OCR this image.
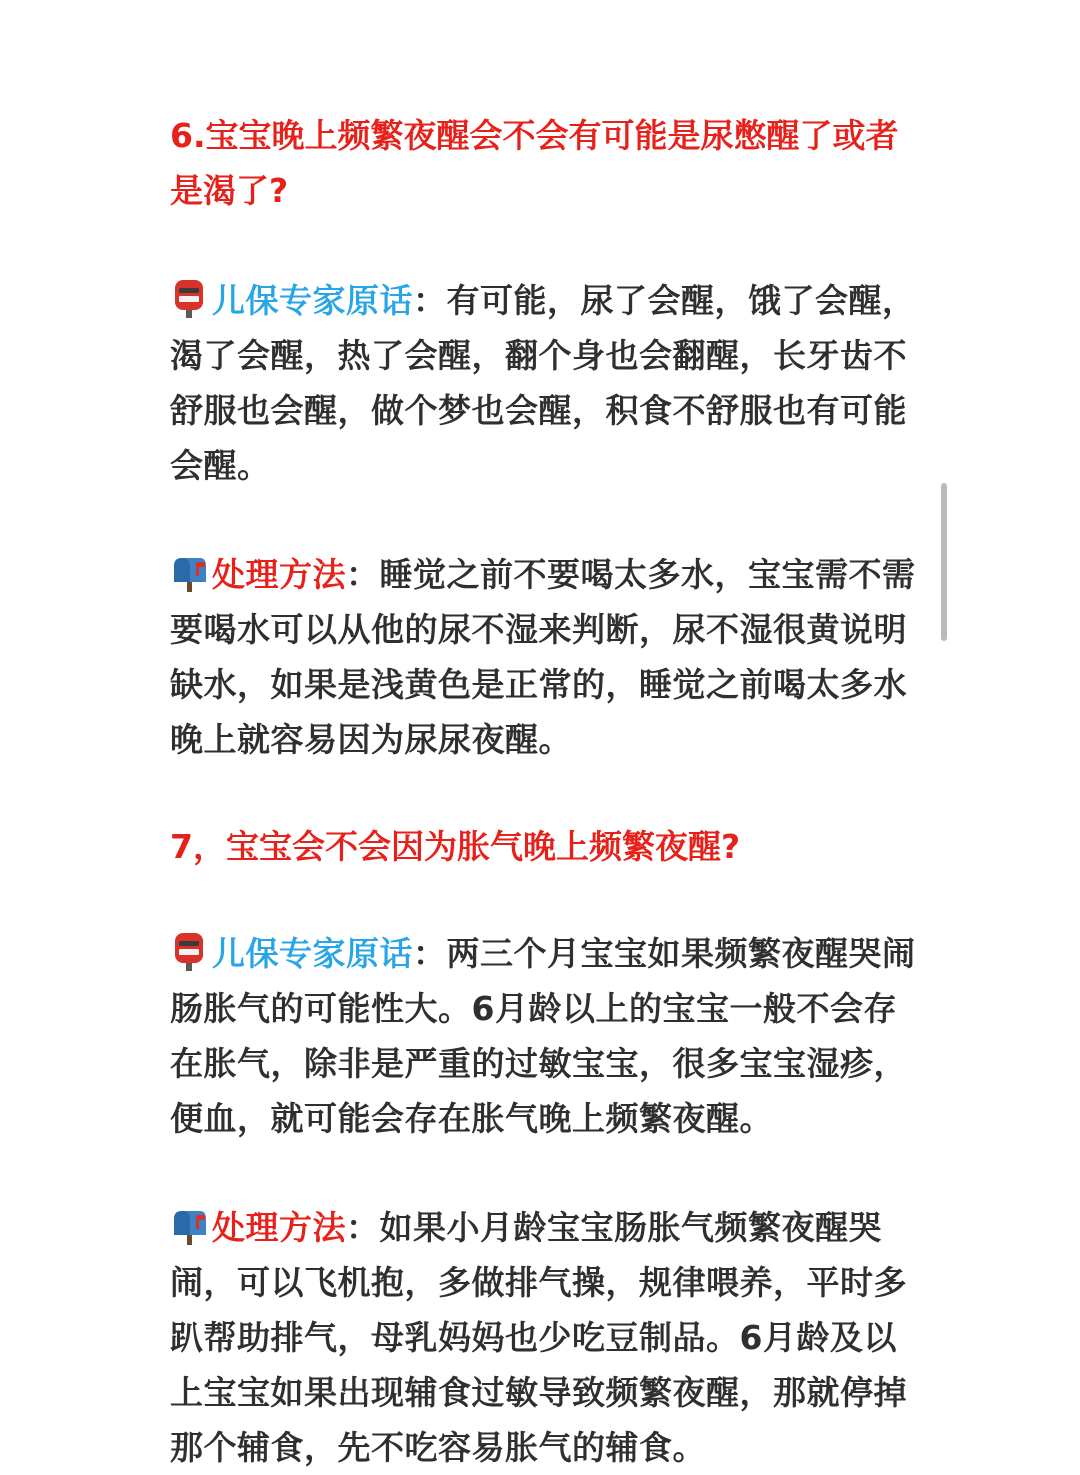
6.宝宝晚上频繁夜醒会不会有可能是尿憋醒了或者是渴了?

儿保专家原话：有可能，尿了会醒，饿了会醒，渴了会醒，热了会醒，翻个身也会翻醒，长牙齿不舒服也会醒，做个梦也会醒，积食不舒服也有可能会醒。

处理方法：睡觉之前不要喝太多水，宝宝需不需要喝水可以从他的尿不湿来判断，尿不湿很黄说明缺水，如果是浅黄色是正常的，睡觉之前喝太多水晚上就容易因为尿尿夜醒。

7，宝宝会不会因为胀气晚上频繁夜醒?

儿保专家原话：两三个月宝宝如果频繁夜醒哭闹肠胀气的可能性大。6月龄以上的宝宝一般不会存在胀气，除非是严重的过敏宝宝，很多宝宝湿疹，便血，就可能会存在胀气晚上频繁夜醒。

处理方法：如果小月龄宝宝肠胀气频繁夜醒哭闹，可以飞机抱，多做排气操，规律喂养，平时多趴帮助排气，母乳妈妈也少吃豆制品。6月龄及以上宝宝如果出现辅食过敏导致频繁夜醒，那就停掉那个辅食，先不吃容易胀气的辅食。
